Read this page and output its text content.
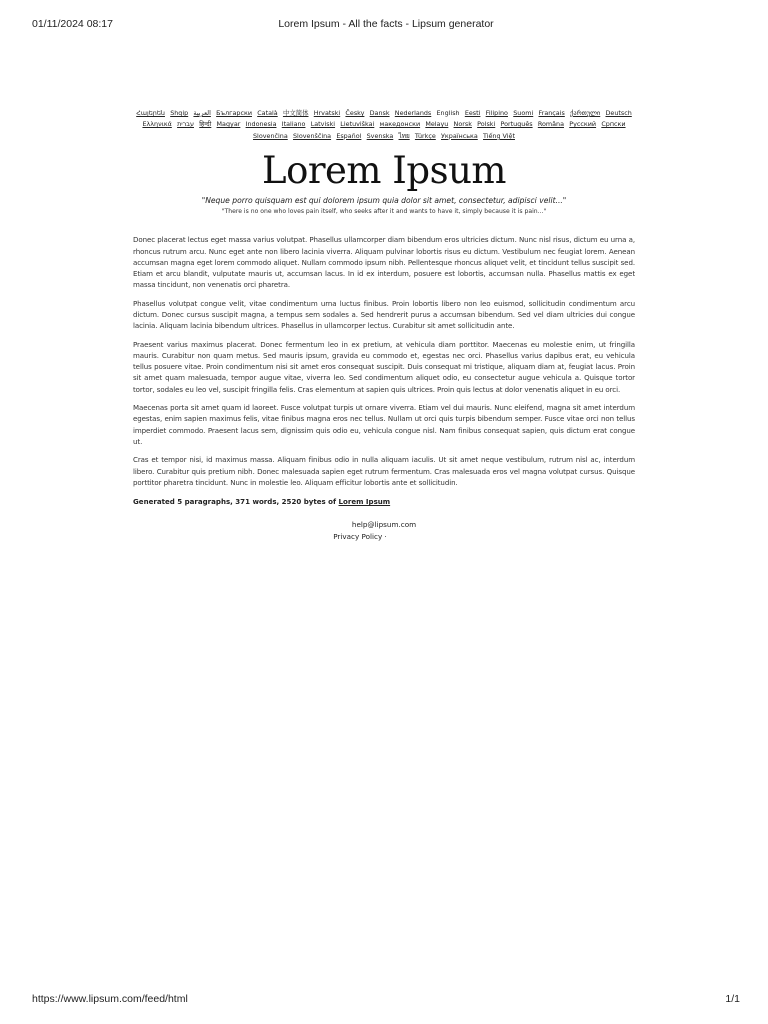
01/11/2024 08:17	Lorem Ipsum - All the facts - Lipsum generator
Հայերեն Shqip العربية Български Català 中文简体 Hrvatski Česky Dansk Nederlands English Eesti Filipino Suomi Français ქართული Deutsch Ελληνικά עברית हिन्दी Magyar Indonesia Italiano Latviski Lietuviškai македонски Melayu Norsk Polski Português Româna Pyccкий Српски Slovenčina Slovenščina Español Svenska ไทย Türkçe Українська Tiếng Việt
Lorem Ipsum
"Neque porro quisquam est qui dolorem ipsum quia dolor sit amet, consectetur, adipisci velit..."
"There is no one who loves pain itself, who seeks after it and wants to have it, simply because it is pain..."

Donec placerat lectus eget massa varius volutpat. Phasellus ullamcorper diam bibendum eros ultricies dictum. Nunc nisl risus, dictum eu urna a, rhoncus rutrum arcu. Nunc eget ante non libero lacinia viverra. Aliquam pulvinar lobortis risus eu dictum. Vestibulum nec feugiat lorem. Aenean accumsan magna eget lorem commodo aliquet. Nullam commodo ipsum nibh. Pellentesque rhoncus aliquet velit, et tincidunt tellus suscipit sed. Etiam et arcu blandit, vulputate mauris ut, accumsan lacus. In id ex interdum, posuere est lobortis, accumsan nulla. Phasellus mattis ex eget massa tincidunt, non venenatis orci pharetra.

Phasellus volutpat congue velit, vitae condimentum urna luctus finibus. Proin lobortis libero non leo euismod, sollicitudin condimentum arcu dictum. Donec cursus suscipit magna, a tempus sem sodales a. Sed hendrerit purus a accumsan bibendum. Sed vel diam ultricies dui congue lacinia. Aliquam lacinia bibendum ultrices. Phasellus in ullamcorper lectus. Curabitur sit amet sollicitudin ante.

Praesent varius maximus placerat. Donec fermentum leo in ex pretium, at vehicula diam porttitor. Maecenas eu molestie enim, ut fringilla mauris. Curabitur non quam metus. Sed mauris ipsum, gravida eu commodo et, egestas nec orci. Phasellus varius dapibus erat, eu vehicula tellus posuere vitae. Proin condimentum nisi sit amet eros consequat suscipit. Duis consequat mi tristique, aliquam diam at, feugiat lacus. Proin sit amet quam malesuada, tempor augue vitae, viverra leo. Sed condimentum aliquet odio, eu consectetur augue vehicula a. Quisque tortor tortor, sodales eu leo vel, suscipit fringilla felis. Cras elementum at sapien quis ultrices. Proin quis lectus at dolor venenatis aliquet in eu orci.

Maecenas porta sit amet quam id laoreet. Fusce volutpat turpis ut ornare viverra. Etiam vel dui mauris. Nunc eleifend, magna sit amet interdum egestas, enim sapien maximus felis, vitae finibus magna eros nec tellus. Nullam ut orci quis turpis bibendum semper. Fusce vitae orci non tellus imperdiet commodo. Praesent lacus sem, dignissim quis odio eu, vehicula congue nisl. Nam finibus consequat sapien, quis dictum erat congue ut.

Cras et tempor nisi, id maximus massa. Aliquam finibus odio in nulla aliquam iaculis. Ut sit amet neque vestibulum, rutrum nisl ac, interdum libero. Curabitur quis pretium nibh. Donec malesuada sapien eget rutrum fermentum. Cras malesuada eros vel magna volutpat cursus. Quisque porttitor pharetra tincidunt. Nunc in molestie leo. Aliquam efficitur lobortis ante et sollicitudin.

Generated 5 paragraphs, 371 words, 2520 bytes of Lorem Ipsum
help@lipsum.com
Privacy Policy ·
https://www.lipsum.com/feed/html	1/1
